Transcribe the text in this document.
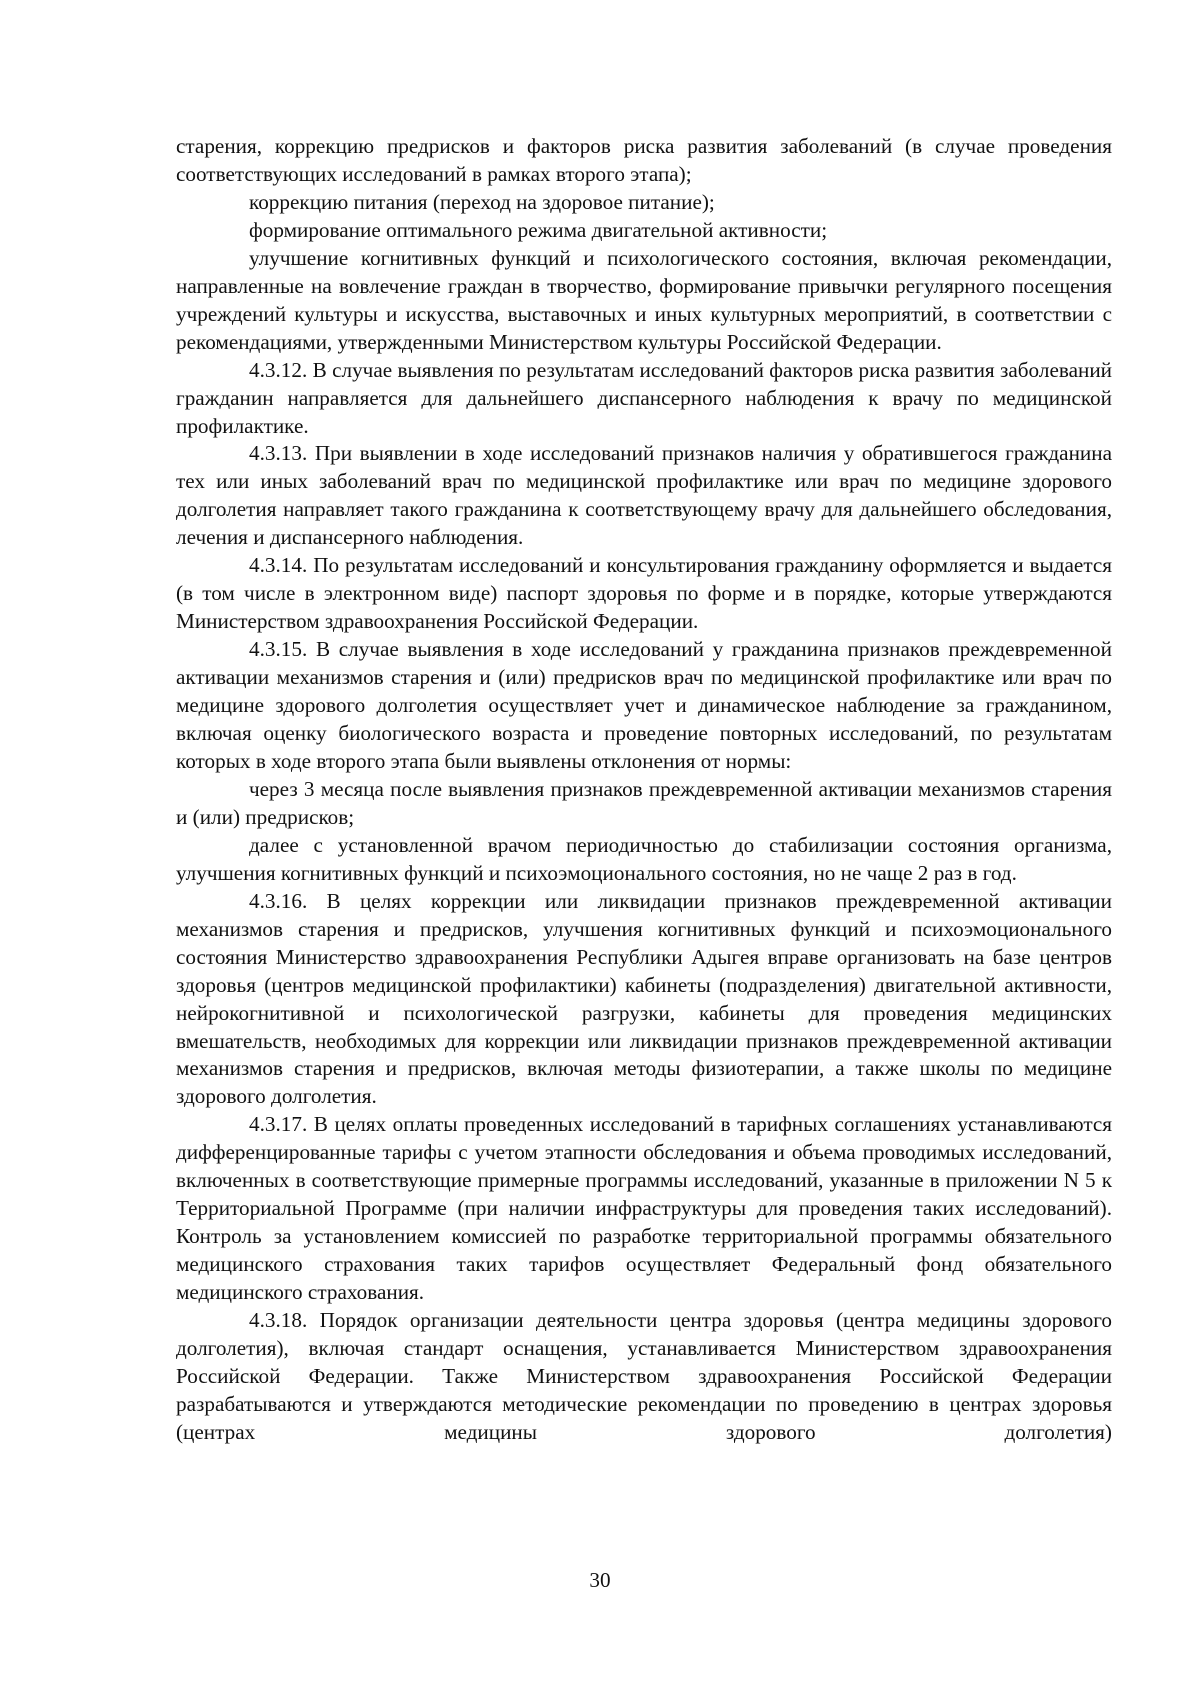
старения, коррекцию предрисков и факторов риска развития заболеваний (в случае проведения соответствующих исследований в рамках второго этапа);

коррекцию питания (переход на здоровое питание);

формирование оптимального режима двигательной активности;

улучшение когнитивных функций и психологического состояния, включая рекомендации, направленные на вовлечение граждан в творчество, формирование привычки регулярного посещения учреждений культуры и искусства, выставочных и иных культурных мероприятий, в соответствии с рекомендациями, утвержденными Министерством культуры Российской Федерации.

4.3.12. В случае выявления по результатам исследований факторов риска развития заболеваний гражданин направляется для дальнейшего диспансерного наблюдения к врачу по медицинской профилактике.

4.3.13. При выявлении в ходе исследований признаков наличия у обратившегося гражданина тех или иных заболеваний врач по медицинской профилактике или врач по медицине здорового долголетия направляет такого гражданина к соответствующему врачу для дальнейшего обследования, лечения и диспансерного наблюдения.

4.3.14. По результатам исследований и консультирования гражданину оформляется и выдается (в том числе в электронном виде) паспорт здоровья по форме и в порядке, которые утверждаются Министерством здравоохранения Российской Федерации.

4.3.15. В случае выявления в ходе исследований у гражданина признаков преждевременной активации механизмов старения и (или) предрисков врач по медицинской профилактике или врач по медицине здорового долголетия осуществляет учет и динамическое наблюдение за гражданином, включая оценку биологического возраста и проведение повторных исследований, по результатам которых в ходе второго этапа были выявлены отклонения от нормы:

через 3 месяца после выявления признаков преждевременной активации механизмов старения и (или) предрисков;

далее с установленной врачом периодичностью до стабилизации состояния организма, улучшения когнитивных функций и психоэмоционального состояния, но не чаще 2 раз в год.

4.3.16. В целях коррекции или ликвидации признаков преждевременной активации механизмов старения и предрисков, улучшения когнитивных функций и психоэмоционального состояния Министерство здравоохранения Республики Адыгея вправе организовать на базе центров здоровья (центров медицинской профилактики) кабинеты (подразделения) двигательной активности, нейрокогнитивной и психологической разгрузки, кабинеты для проведения медицинских вмешательств, необходимых для коррекции или ликвидации признаков преждевременной активации механизмов старения и предрисков, включая методы физиотерапии, а также школы по медицине здорового долголетия.

4.3.17. В целях оплаты проведенных исследований в тарифных соглашениях устанавливаются дифференцированные тарифы с учетом этапности обследования и объема проводимых исследований, включенных в соответствующие примерные программы исследований, указанные в приложении N 5 к Территориальной Программе (при наличии инфраструктуры для проведения таких исследований). Контроль за установлением комиссией по разработке территориальной программы обязательного медицинского страхования таких тарифов осуществляет Федеральный фонд обязательного медицинского страхования.

4.3.18. Порядок организации деятельности центра здоровья (центра медицины здорового долголетия), включая стандарт оснащения, устанавливается Министерством здравоохранения Российской Федерации. Также Министерством здравоохранения Российской Федерации разрабатываются и утверждаются методические рекомендации по проведению в центрах здоровья (центрах медицины здорового долголетия)

30
